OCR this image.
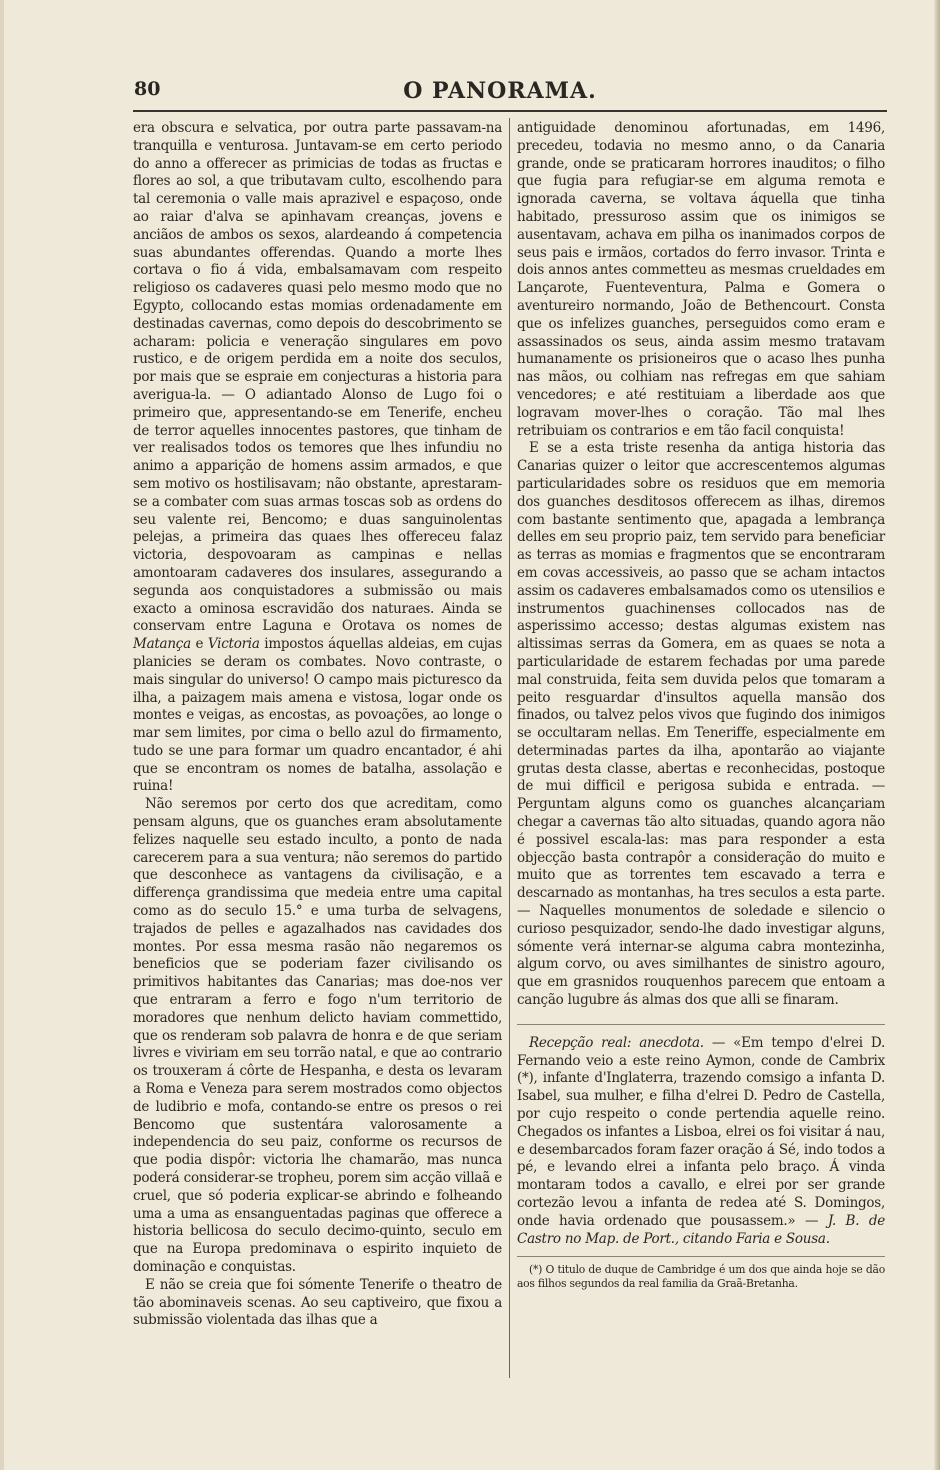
80	O PANORAMA.

era obscura e selvatica, por outra parte passavam-na tranquilla e venturosa. Juntavam-se em certo periodo do anno a offerecer as primicias de todas as fructas e flores ao sol, a que tributavam culto, escolhendo para tal ceremonia o valle mais aprazivel e espaçoso, onde ao raiar d'alva se apinhavam creanças, jovens e anciãos de ambos os sexos, alardeando á competencia suas abundantes offerendas. Quando a morte lhes cortava o fio á vida, embalsamavam com respeito religioso os cadaveres quasi pelo mesmo modo que no Egypto, collocando estas momias ordenadamente em destinadas cavernas, como depois do descobrimento se acharam: policia e veneração singulares em povo rustico, e de origem perdida em a noite dos seculos, por mais que se espraie em conjecturas a historia para averigua-la. — O adiantado Alonso de Lugo foi o primeiro que, appresentando-se em Tenerife, encheu de terror aquelles innocentes pastores, que tinham de ver realisados todos os temores que lhes infundiu no animo a apparição de homens assim armados, e que sem motivo os hostilisavam; não obstante, aprestaram-se a combater com suas armas toscas sob as ordens do seu valente rei, Bencomo; e duas sanguinolentas pelejas, a primeira das quaes lhes offereceu falaz victoria, despovoaram as campinas e nellas amontoaram cadaveres dos insulares, assegurando a segunda aos conquistadores a submissão ou mais exacto a ominosa escravidão dos naturaes. Ainda se conservam entre Laguna e Orotava os nomes de Matança e Victoria impostos áquellas aldeias, em cujas planicies se deram os combates. Novo contraste, o mais singular do universo! O campo mais picturesco da ilha, a paizagem mais amena e vistosa, logar onde os montes e veigas, as encostas, as povoações, ao longe o mar sem limites, por cima o bello azul do firmamento, tudo se une para formar um quadro encantador, é ahi que se encontram os nomes de batalha, assolação e ruina!

Não seremos por certo dos que acreditam, como pensam alguns, que os guanches eram absolutamente felizes naquelle seu estado inculto, a ponto de nada carecerem para a sua ventura; não seremos do partido que desconhece as vantagens da civilisação, e a differença grandissima que medeia entre uma capital como as do seculo 15.° e uma turba de selvagens, trajados de pelles e agazalhados nas cavidades dos montes. Por essa mesma rasão não negaremos os beneficios que se poderiam fazer civilisando os primitivos habitantes das Canarias; mas doe-nos ver que entraram a ferro e fogo n'um territorio de moradores que nenhum delicto haviam commettido, que os renderam sob palavra de honra e de que seriam livres e viviriam em seu torrão natal, e que ao contrario os trouxeram á côrte de Hespanha, e desta os levaram a Roma e Veneza para serem mostrados como objectos de ludibrio e mofa, contando-se entre os presos o rei Bencomo que sustentára valorosamente a independencia do seu paiz, conforme os recursos de que podia dispôr: victoria lhe chamarão, mas nunca poderá considerar-se tropheu, porem sim acção villaã e cruel, que só poderia explicar-se abrindo e folheando uma a uma as ensanguentadas paginas que offerece a historia bellicosa do seculo decimo-quinto, seculo em que na Europa predominava o espirito inquieto de dominação e conquistas.

E não se creia que foi sómente Tenerife o theatro de tão abominaveis scenas. Ao seu captiveiro, que fixou a submissão violentada das ilhas que a

antiguidade denominou afortunadas, em 1496, precedeu, todavia no mesmo anno, o da Canaria grande, onde se praticaram horrores inauditos; o filho que fugia para refugiar-se em alguma remota e ignorada caverna, se voltava áquella que tinha habitado, pressuroso assim que os inimigos se ausentavam, achava em pilha os inanimados corpos de seus pais e irmãos, cortados do ferro invasor. Trinta e dois annos antes commetteu as mesmas crueldades em Lançarote, Fuenteventura, Palma e Gomera o aventureiro normando, João de Bethencourt. Consta que os infelizes guanches, perseguidos como eram e assassinados os seus, ainda assim mesmo tratavam humanamente os prisioneiros que o acaso lhes punha nas mãos, ou colhiam nas refregas em que sahiam vencedores; e até restituiam a liberdade aos que logravam mover-lhes o coração. Tão mal lhes retribuiam os contrarios e em tão facil conquista!

E se a esta triste resenha da antiga historia das Canarias quizer o leitor que accrescentemos algumas particularidades sobre os residuos que em memoria dos guanches desditosos offerecem as ilhas, diremos com bastante sentimento que, apagada a lembrança delles em seu proprio paiz, tem servido para beneficiar as terras as momias e fragmentos que se encontraram em covas accessiveis, ao passo que se acham intactos assim os cadaveres embalsamados como os utensilios e instrumentos guachinenses collocados nas de asperissimo accesso; destas algumas existem nas altissimas serras da Gomera, em as quaes se nota a particularidade de estarem fechadas por uma parede mal construida, feita sem duvida pelos que tomaram a peito resguardar d'insultos aquella mansão dos finados, ou talvez pelos vivos que fugindo dos inimigos se occultaram nellas. Em Teneriffe, especialmente em determinadas partes da ilha, apontarão ao viajante grutas desta classe, abertas e reconhecidas, postoque de mui difficil e perigosa subida e entrada. — Perguntam alguns como os guanches alcançariam chegar a cavernas tão alto situadas, quando agora não é possivel escala-las: mas para responder a esta objecção basta contrapôr a consideração do muito e muito que as torrentes tem escavado a terra e descarnado as montanhas, ha tres seculos a esta parte. — Naquelles monumentos de soledade e silencio o curioso pesquizador, sendo-lhe dado investigar alguns, sómente verá internar-se alguma cabra montezinha, algum corvo, ou aves similhantes de sinistro agouro, que em grasnidos rouquenhos parecem que entoam a canção lugubre ás almas dos que alli se finaram.

Recepção real: anecdota. — «Em tempo d'elrei D. Fernando veio a este reino Aymon, conde de Cambrix (*), infante d'Inglaterra, trazendo comsigo a infanta D. Isabel, sua mulher, e filha d'elrei D. Pedro de Castella, por cujo respeito o conde pertendia aquelle reino. Chegados os infantes a Lisboa, elrei os foi visitar á nau, e desembarcados foram fazer oração á Sé, indo todos a pé, e levando elrei a infanta pelo braço. Á vinda montaram todos a cavallo, e elrei por ser grande cortezão levou a infanta de redea até S. Domingos, onde havia ordenado que pousassem.» — J. B. de Castro no Map. de Port., citando Faria e Sousa.

(*) O titulo de duque de Cambridge é um dos que ainda hoje se dão aos filhos segundos da real familia da Graã-Bretanha.
